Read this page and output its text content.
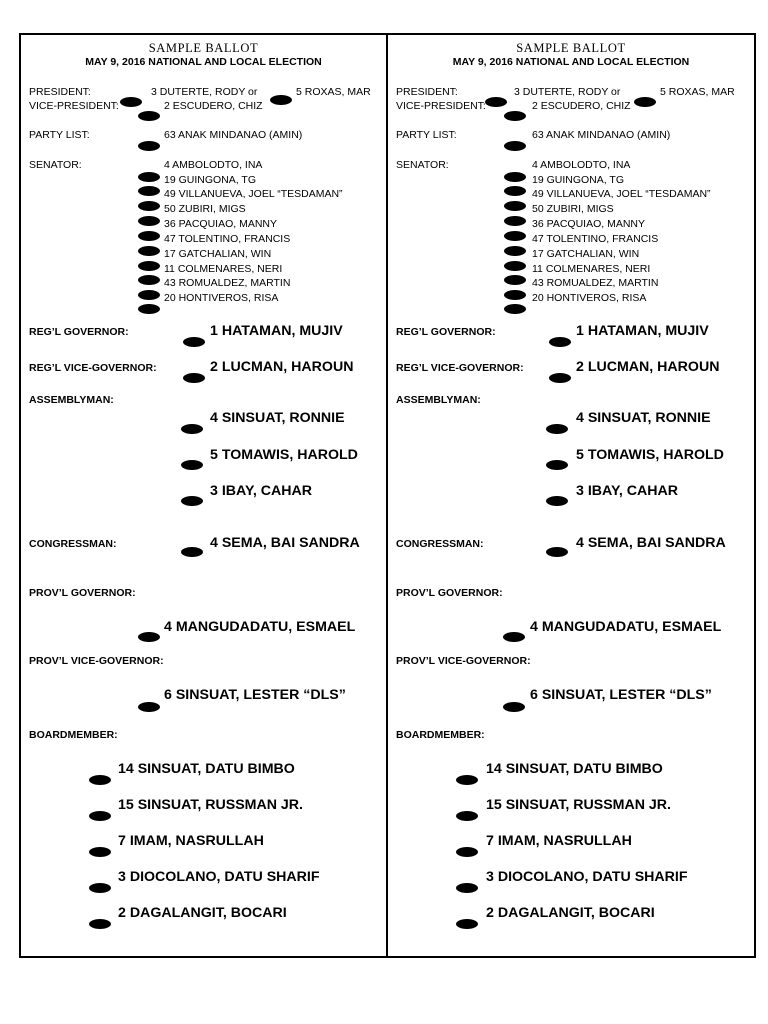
SAMPLE BALLOT
MAY 9, 2016 NATIONAL AND LOCAL ELECTION
PRESIDENT:	3 DUTERTE, RODY or	5 ROXAS, MAR
VICE-PRESIDENT:	2 ESCUDERO, CHIZ
PARTY LIST:	63 ANAK MINDANAO (AMIN)
SENATOR:	4 AMBOLODTO, INA
19 GUINGONA, TG
49 VILLANUEVA, JOEL “TESDAMAN”
50 ZUBIRI, MIGS
36 PACQUIAO, MANNY
47 TOLENTINO, FRANCIS
17 GATCHALIAN, WIN
11 COLMENARES, NERI
43 ROMUALDEZ, MARTIN
20 HONTIVEROS, RISA
REG’L GOVERNOR:	1 HATAMAN, MUJIV
REG’L VICE-GOVERNOR:	2 LUCMAN, HAROUN
ASSEMBLYMAN:
4 SINSUAT, RONNIE
5 TOMAWIS, HAROLD
3 IBAY, CAHAR
CONGRESSMAN:	4 SEMA, BAI SANDRA
PROV’L GOVERNOR:
4 MANGUDADATU, ESMAEL
PROV’L VICE-GOVERNOR:
6 SINSUAT, LESTER “DLS”
BOARDMEMBER:
14 SINSUAT, DATU BIMBO
15 SINSUAT, RUSSMAN JR.
7 IMAM, NASRULLAH
3 DIOCOLANO, DATU SHARIF
2 DAGALANGIT, BOCARI
SAMPLE BALLOT
MAY 9, 2016 NATIONAL AND LOCAL ELECTION
PRESIDENT:	3 DUTERTE, RODY or	5 ROXAS, MAR
VICE-PRESIDENT:	2 ESCUDERO, CHIZ
PARTY LIST:	63 ANAK MINDANAO (AMIN)
SENATOR:	4 AMBOLODTO, INA
19 GUINGONA, TG
49 VILLANUEVA, JOEL “TESDAMAN”
50 ZUBIRI, MIGS
36 PACQUIAO, MANNY
47 TOLENTINO, FRANCIS
17 GATCHALIAN, WIN
11 COLMENARES, NERI
43 ROMUALDEZ, MARTIN
20 HONTIVEROS, RISA
REG’L GOVERNOR:	1 HATAMAN, MUJIV
REG’L VICE-GOVERNOR:	2 LUCMAN, HAROUN
ASSEMBLYMAN:
4 SINSUAT, RONNIE
5 TOMAWIS, HAROLD
3 IBAY, CAHAR
CONGRESSMAN:	4 SEMA, BAI SANDRA
PROV’L GOVERNOR:
4 MANGUDADATU, ESMAEL
PROV’L VICE-GOVERNOR:
6 SINSUAT, LESTER “DLS”
BOARDMEMBER:
14 SINSUAT, DATU BIMBO
15 SINSUAT, RUSSMAN JR.
7 IMAM, NASRULLAH
3 DIOCOLANO, DATU SHARIF
2 DAGALANGIT, BOCARI
